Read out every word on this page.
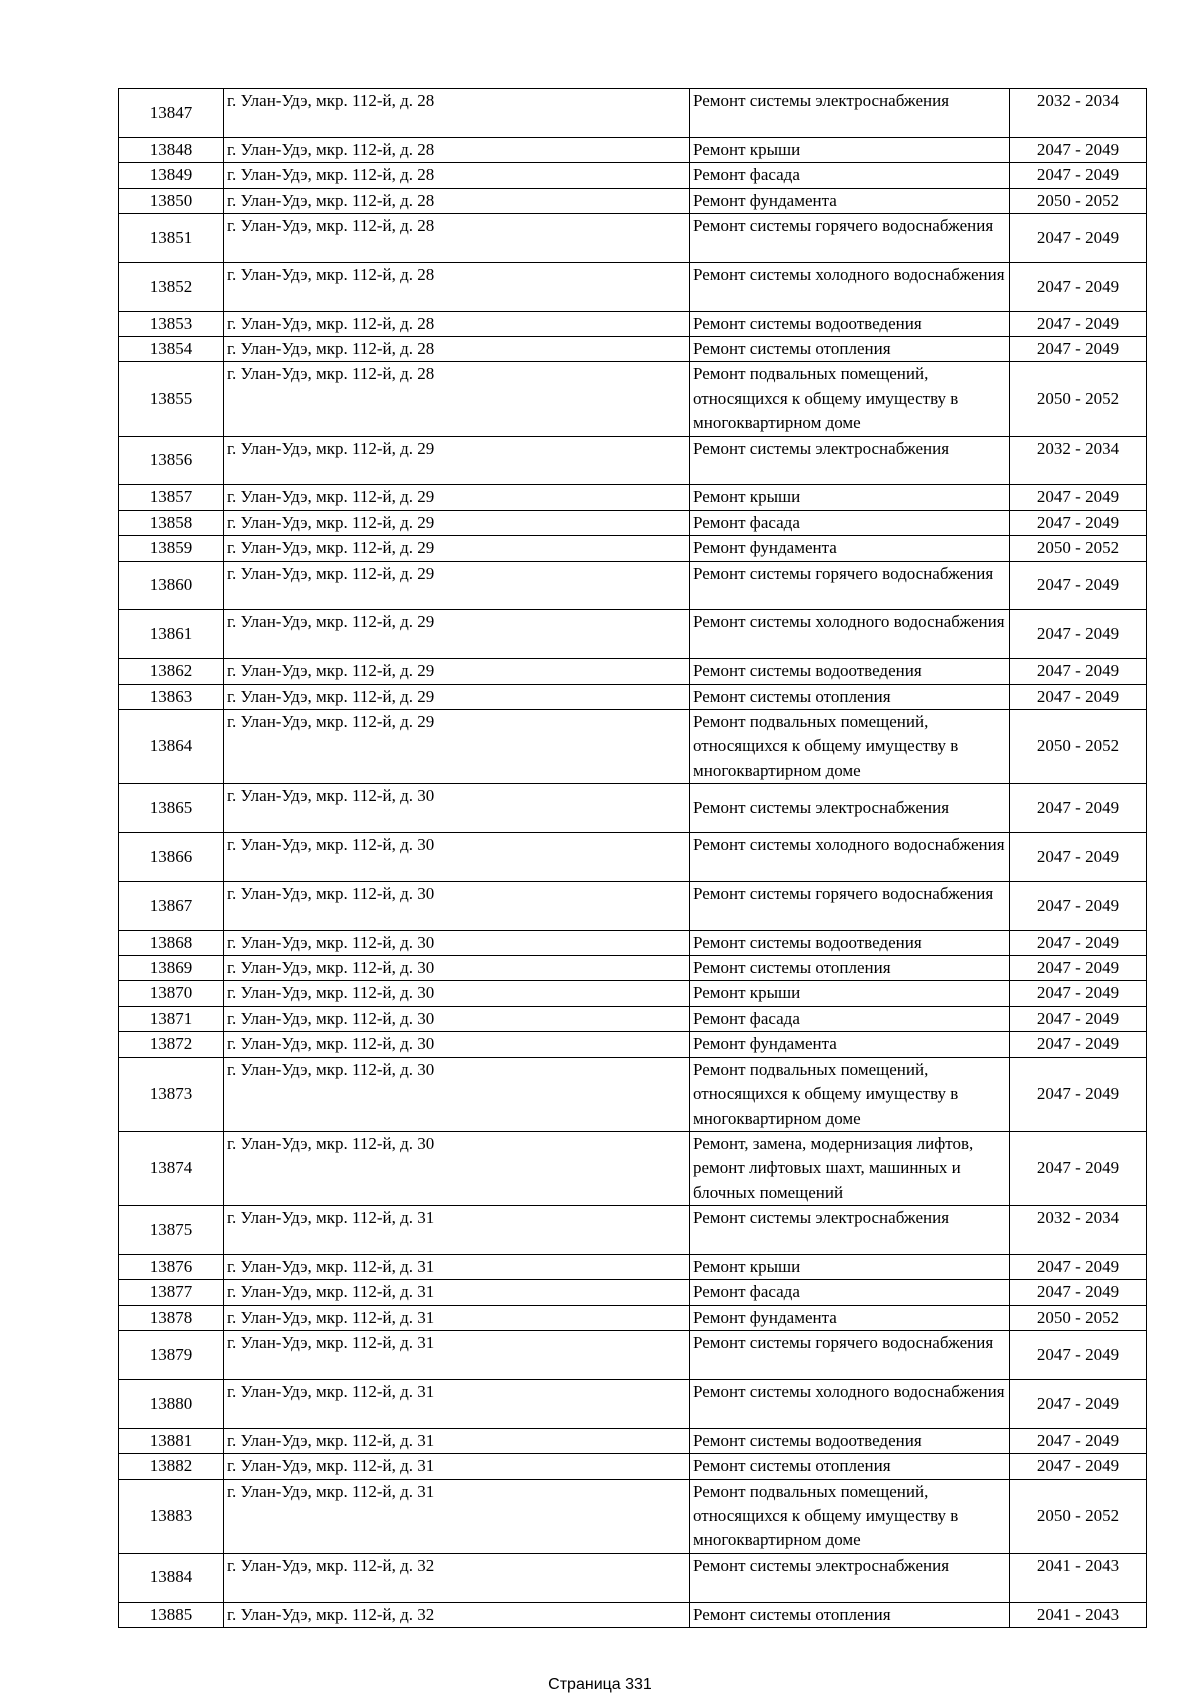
13847	г. Улан-Удэ, мкр. 112-й, д. 28	Ремонт системы электроснабжения	2032 - 2034
13848	г. Улан-Удэ, мкр. 112-й, д. 28	Ремонт крыши	2047 - 2049
13849	г. Улан-Удэ, мкр. 112-й, д. 28	Ремонт фасада	2047 - 2049
13850	г. Улан-Удэ, мкр. 112-й, д. 28	Ремонт фундамента	2050 - 2052
13851	г. Улан-Удэ, мкр. 112-й, д. 28	Ремонт системы горячего водоснабжения	2047 - 2049
13852	г. Улан-Удэ, мкр. 112-й, д. 28	Ремонт системы холодного водоснабжения	2047 - 2049
13853	г. Улан-Удэ, мкр. 112-й, д. 28	Ремонт системы водоотведения	2047 - 2049
13854	г. Улан-Удэ, мкр. 112-й, д. 28	Ремонт системы отопления	2047 - 2049
13855	г. Улан-Удэ, мкр. 112-й, д. 28	Ремонт подвальных помещений, относящихся к общему имуществу в многоквартирном доме	2050 - 2052
13856	г. Улан-Удэ, мкр. 112-й, д. 29	Ремонт системы электроснабжения	2032 - 2034
13857	г. Улан-Удэ, мкр. 112-й, д. 29	Ремонт крыши	2047 - 2049
13858	г. Улан-Удэ, мкр. 112-й, д. 29	Ремонт фасада	2047 - 2049
13859	г. Улан-Удэ, мкр. 112-й, д. 29	Ремонт фундамента	2050 - 2052
13860	г. Улан-Удэ, мкр. 112-й, д. 29	Ремонт системы горячего водоснабжения	2047 - 2049
13861	г. Улан-Удэ, мкр. 112-й, д. 29	Ремонт системы холодного водоснабжения	2047 - 2049
13862	г. Улан-Удэ, мкр. 112-й, д. 29	Ремонт системы водоотведения	2047 - 2049
13863	г. Улан-Удэ, мкр. 112-й, д. 29	Ремонт системы отопления	2047 - 2049
13864	г. Улан-Удэ, мкр. 112-й, д. 29	Ремонт подвальных помещений, относящихся к общему имуществу в многоквартирном доме	2050 - 2052
13865	г. Улан-Удэ, мкр. 112-й, д. 30	Ремонт системы электроснабжения	2047 - 2049
13866	г. Улан-Удэ, мкр. 112-й, д. 30	Ремонт системы холодного водоснабжения	2047 - 2049
13867	г. Улан-Удэ, мкр. 112-й, д. 30	Ремонт системы горячего водоснабжения	2047 - 2049
13868	г. Улан-Удэ, мкр. 112-й, д. 30	Ремонт системы водоотведения	2047 - 2049
13869	г. Улан-Удэ, мкр. 112-й, д. 30	Ремонт системы отопления	2047 - 2049
13870	г. Улан-Удэ, мкр. 112-й, д. 30	Ремонт крыши	2047 - 2049
13871	г. Улан-Удэ, мкр. 112-й, д. 30	Ремонт фасада	2047 - 2049
13872	г. Улан-Удэ, мкр. 112-й, д. 30	Ремонт фундамента	2047 - 2049
13873	г. Улан-Удэ, мкр. 112-й, д. 30	Ремонт подвальных помещений, относящихся к общему имуществу в многоквартирном доме	2047 - 2049
13874	г. Улан-Удэ, мкр. 112-й, д. 30	Ремонт, замена, модернизация лифтов, ремонт лифтовых шахт, машинных и блочных помещений	2047 - 2049
13875	г. Улан-Удэ, мкр. 112-й, д. 31	Ремонт системы электроснабжения	2032 - 2034
13876	г. Улан-Удэ, мкр. 112-й, д. 31	Ремонт крыши	2047 - 2049
13877	г. Улан-Удэ, мкр. 112-й, д. 31	Ремонт фасада	2047 - 2049
13878	г. Улан-Удэ, мкр. 112-й, д. 31	Ремонт фундамента	2050 - 2052
13879	г. Улан-Удэ, мкр. 112-й, д. 31	Ремонт системы горячего водоснабжения	2047 - 2049
13880	г. Улан-Удэ, мкр. 112-й, д. 31	Ремонт системы холодного водоснабжения	2047 - 2049
13881	г. Улан-Удэ, мкр. 112-й, д. 31	Ремонт системы водоотведения	2047 - 2049
13882	г. Улан-Удэ, мкр. 112-й, д. 31	Ремонт системы отопления	2047 - 2049
13883	г. Улан-Удэ, мкр. 112-й, д. 31	Ремонт подвальных помещений, относящихся к общему имуществу в многоквартирном доме	2050 - 2052
13884	г. Улан-Удэ, мкр. 112-й, д. 32	Ремонт системы электроснабжения	2041 - 2043
13885	г. Улан-Удэ, мкр. 112-й, д. 32	Ремонт системы отопления	2041 - 2043
Страница 331
